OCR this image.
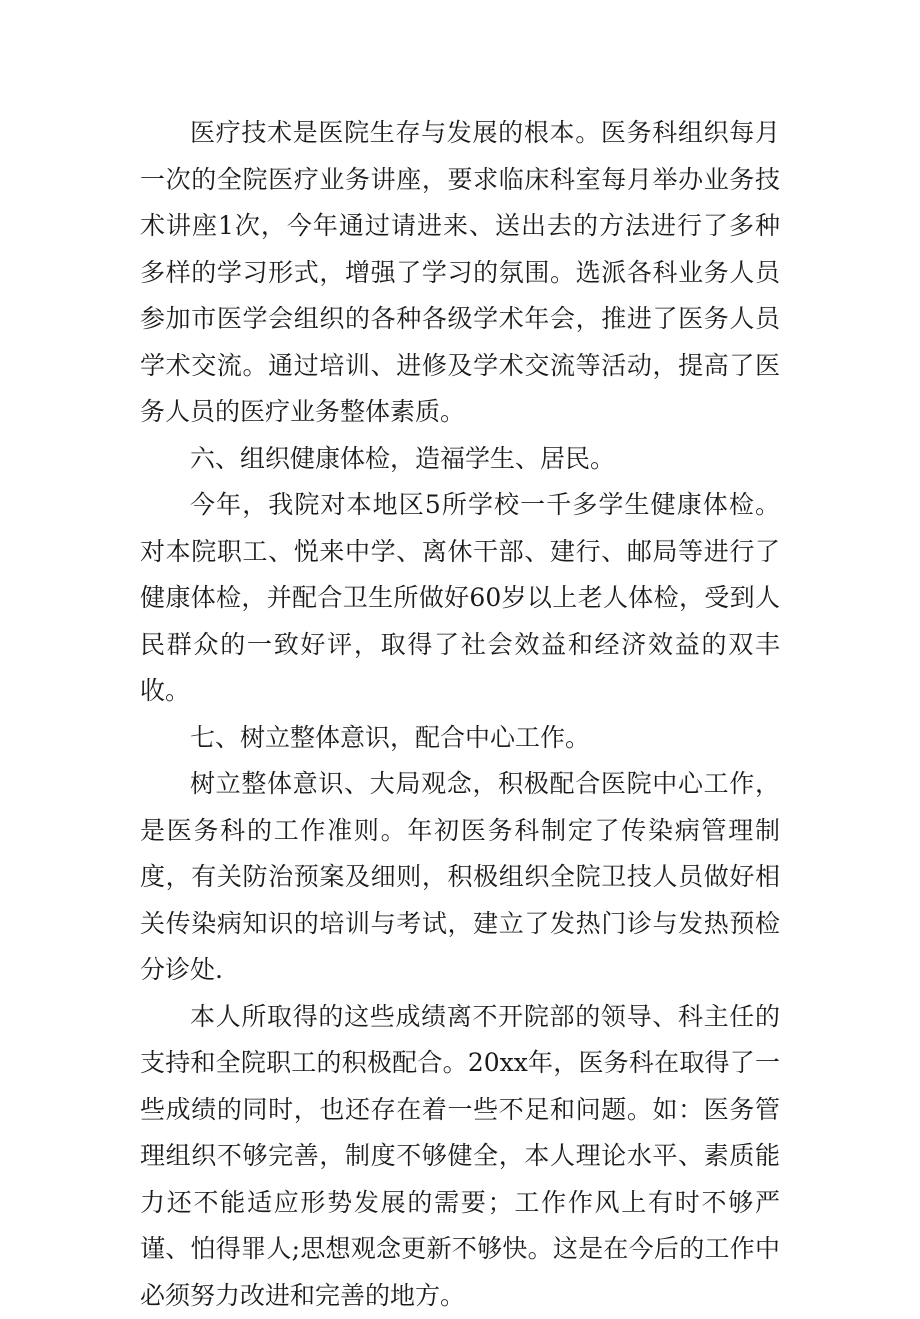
医疗技术是医院生存与发展的根本。医务科组织每月一次的全院医疗业务讲座，要求临床科室每月举办业务技术讲座1次，今年通过请进来、送出去的方法进行了多种多样的学习形式，增强了学习的氛围。选派各科业务人员参加市医学会组织的各种各级学术年会，推进了医务人员学术交流。通过培训、进修及学术交流等活动，提高了医务人员的医疗业务整体素质。

六、组织健康体检，造福学生、居民。

今年，我院对本地区5所学校一千多学生健康体检。对本院职工、悦来中学、离休干部、建行、邮局等进行了健康体检，并配合卫生所做好60岁以上老人体检，受到人民群众的一致好评，取得了社会效益和经济效益的双丰收。

七、树立整体意识，配合中心工作。

树立整体意识、大局观念，积极配合医院中心工作，是医务科的工作准则。年初医务科制定了传染病管理制度，有关防治预案及细则，积极组织全院卫技人员做好相关传染病知识的培训与考试，建立了发热门诊与发热预检分诊处.

本人所取得的这些成绩离不开院部的领导、科主任的支持和全院职工的积极配合。20xx年，医务科在取得了一些成绩的同时，也还存在着一些不足和问题。如：医务管理组织不够完善，制度不够健全，本人理论水平、素质能力还不能适应形势发展的需要；工作作风上有时不够严谨、怕得罪人;思想观念更新不够快。这是在今后的工作中必须努力改进和完善的地方。
